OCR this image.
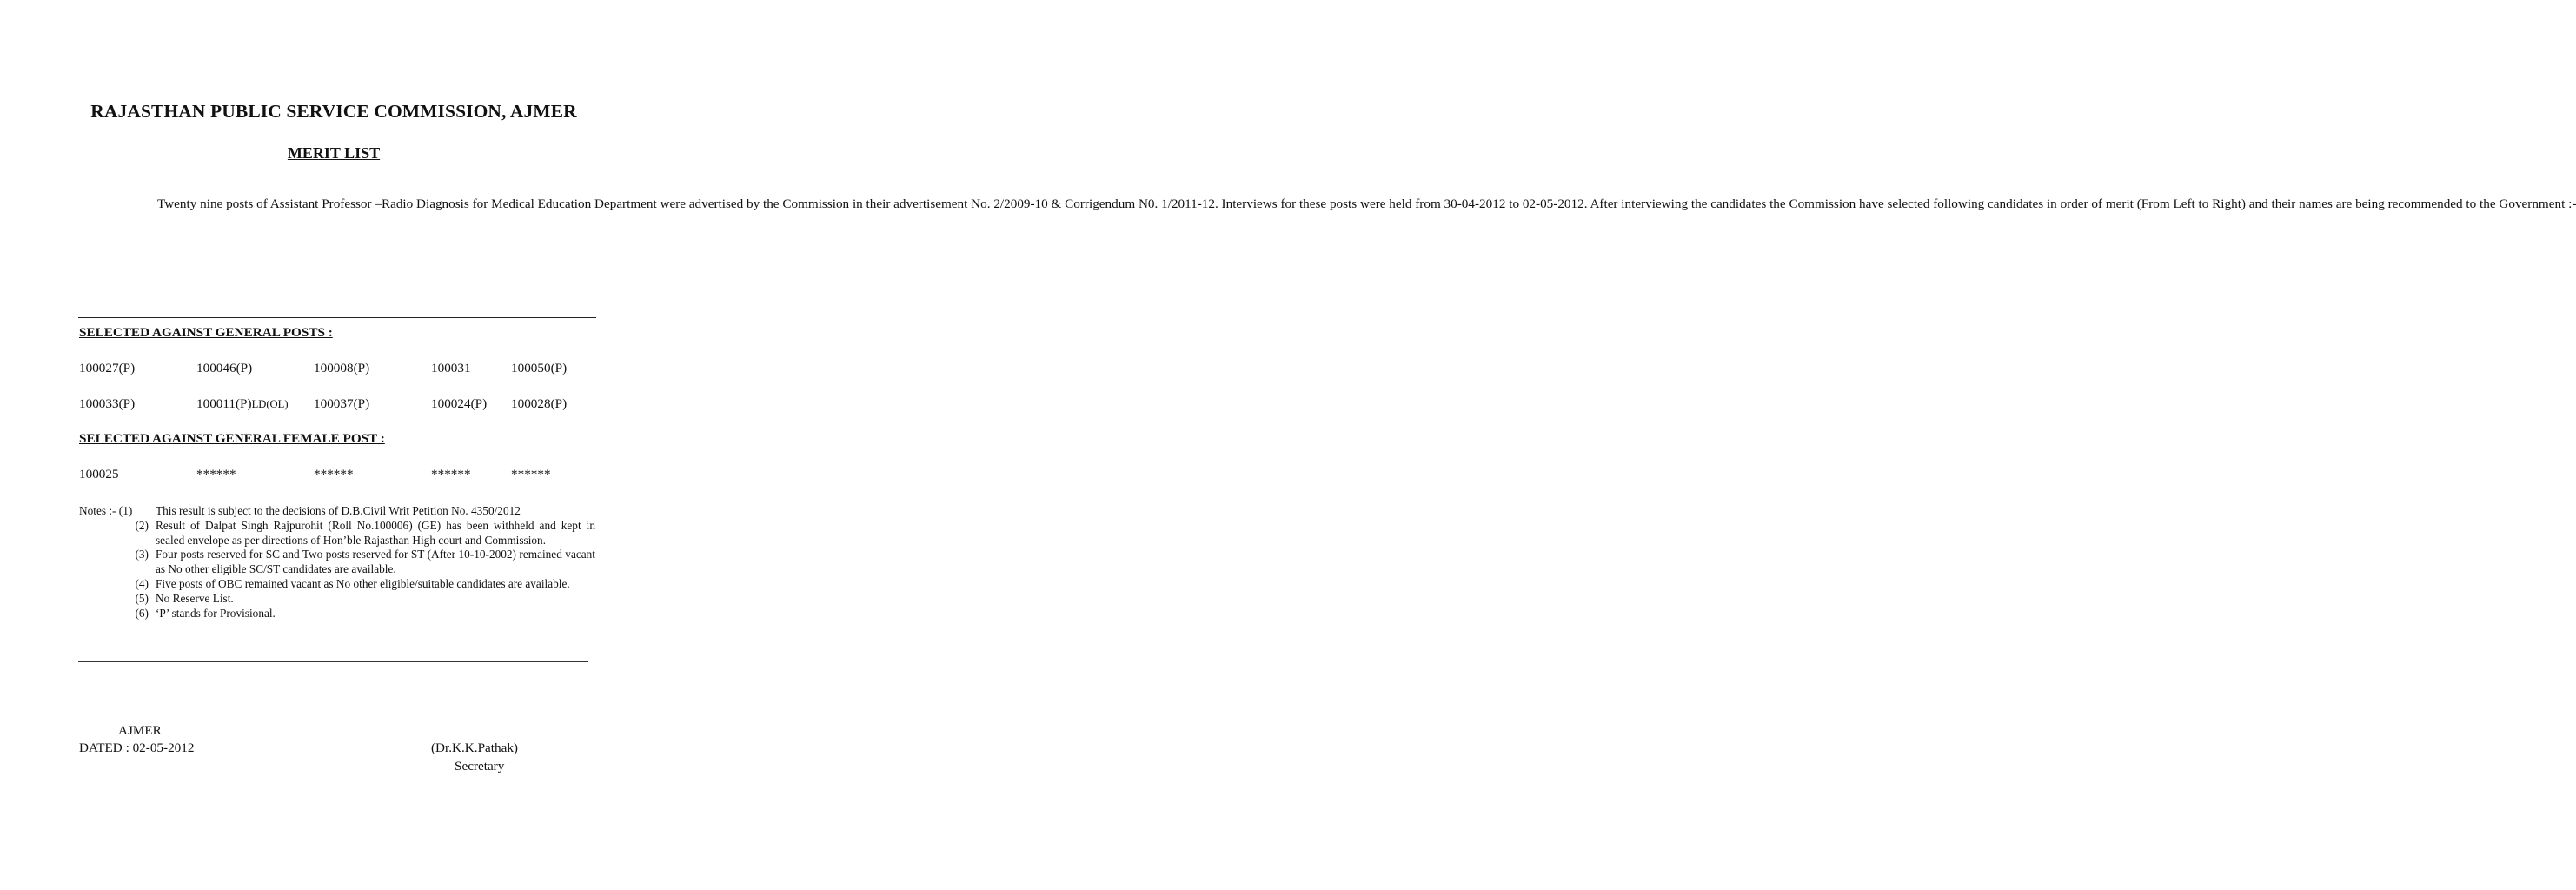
RAJASTHAN PUBLIC SERVICE COMMISSION, AJMER
MERIT LIST

Twenty nine posts of Assistant Professor –Radio Diagnosis for Medical Education Department were advertised by the Commission in their advertisement No. 2/2009-10 & Corrigendum N0. 1/2011-12. Interviews for these posts were held from 30-04-2012 to 02-05-2012. After interviewing the candidates the Commission have selected following candidates in order of merit (From Left to Right) and their names are being recommended to the Government :-

SELECTED AGAINST GENERAL POSTS :
100027(P)	100046(P)	100008(P)	100031	100050(P)
100033(P)	100011(P)LD(OL) 100037(P)	100024(P) 100028(P)
SELECTED AGAINST GENERAL FEMALE POST :
100025	******	******	******	******
Notes :- (1)	This result is subject to the decisions of D.B.Civil Writ Petition No. 4350/2012
(2) Result of Dalpat Singh Rajpurohit (Roll No.100006) (GE) has been withheld and kept in sealed envelope as per directions of Hon’ble Rajasthan High court and Commission.
(3) Four posts reserved for SC and Two posts reserved for ST (After 10-10-2002) remained vacant as No other eligible SC/ST candidates are available.
(4) Five posts of OBC remained vacant as No other eligible/suitable candidates are available.
(5) No Reserve List.
(6) ‘P’ stands for Provisional.
AJMER
DATED : 02-05-2012	(Dr.K.K.Pathak)
Secretary
